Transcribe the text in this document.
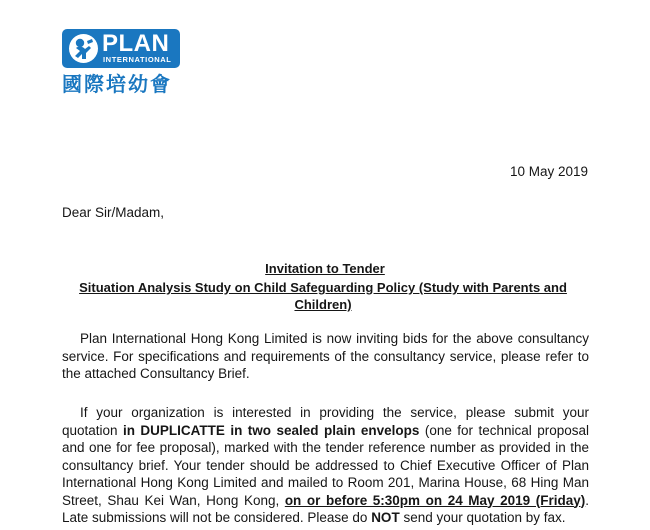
PLAN
INTERNATIONAL
國際培幼會
10 May 2019
Dear Sir/Madam,
Invitation to Tender
Situation Analysis Study on Child Safeguarding Policy (Study with Parents and Children)
Plan International Hong Kong Limited is now inviting bids for the above consultancy service. For specifications and requirements of the consultancy service, please refer to the attached Consultancy Brief.
If your organization is interested in providing the service, please submit your quotation in DUPLICATTE in two sealed plain envelops (one for technical proposal and one for fee proposal), marked with the tender reference number as provided in the consultancy brief. Your tender should be addressed to Chief Executive Officer of Plan International Hong Kong Limited and mailed to Room 201, Marina House, 68 Hing Man Street, Shau Kei Wan, Hong Kong, on or before 5:30pm on 24 May 2019 (Friday). Late submissions will not be considered. Please do NOT send your quotation by fax.
